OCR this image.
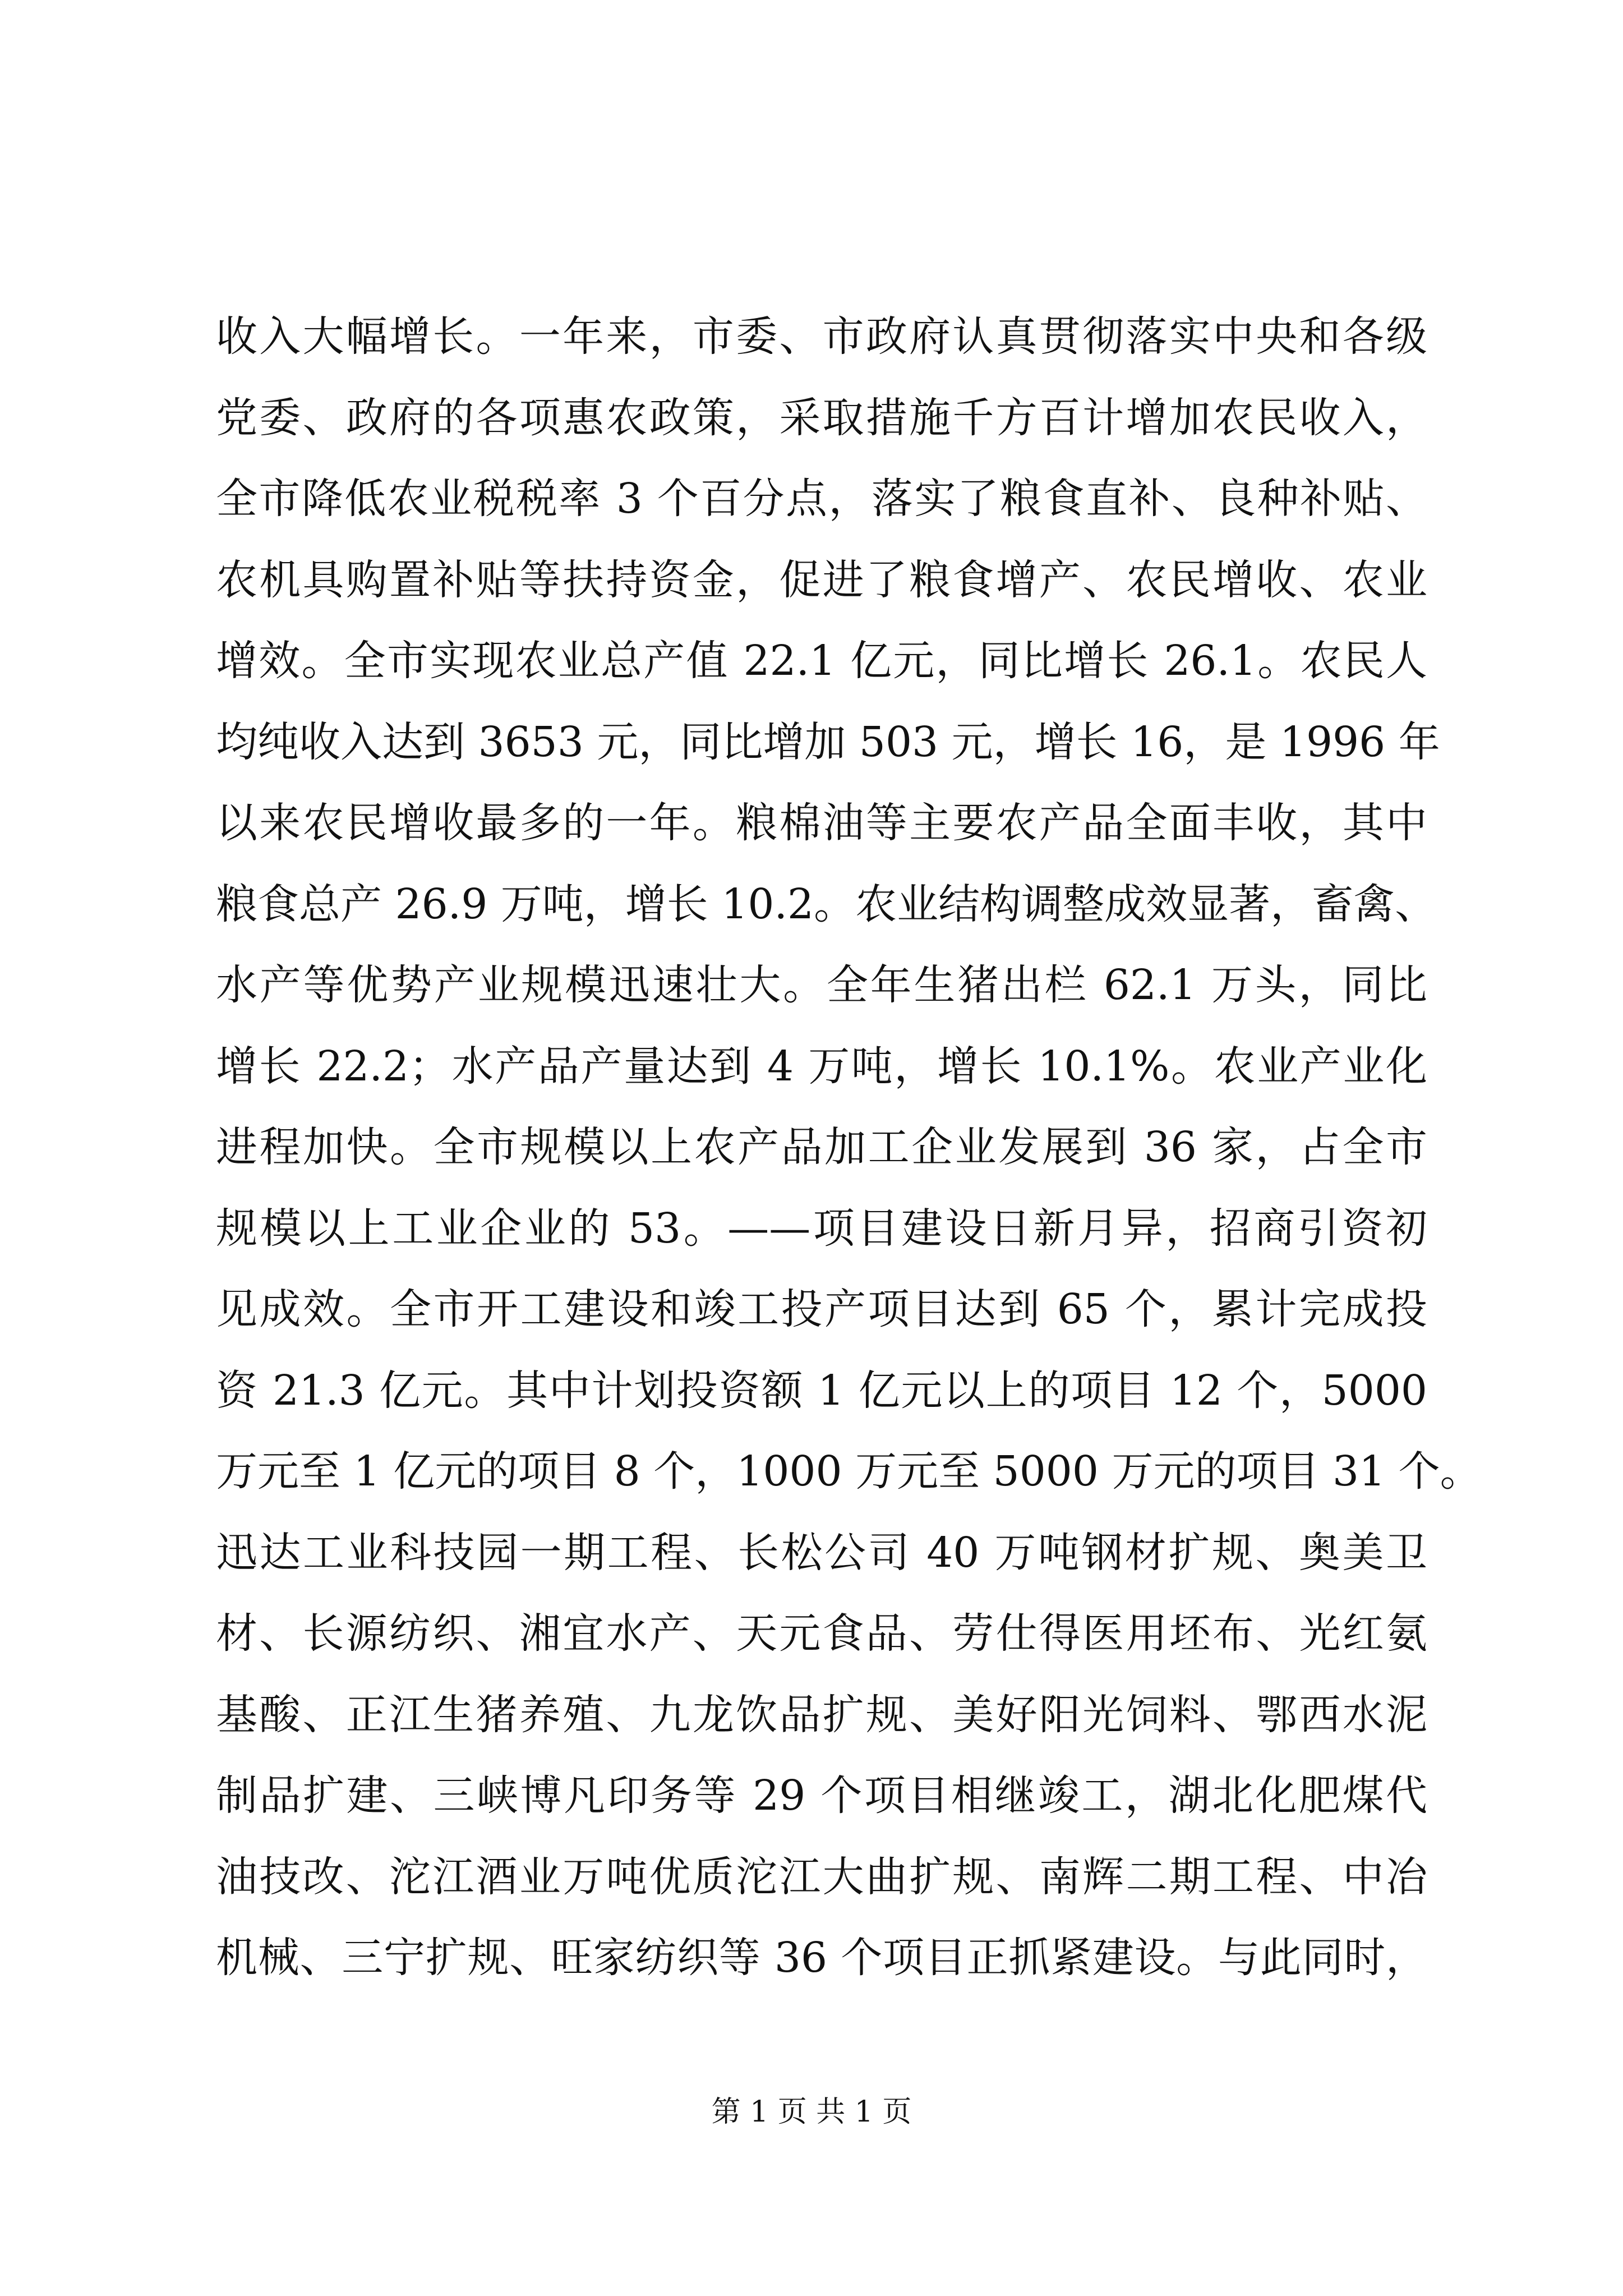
收入大幅增长。一年来，市委、市政府认真贯彻落实中央和各级
党委、政府的各项惠农政策，采取措施千方百计增加农民收入，
全市降低农业税税率 3 个百分点，落实了粮食直补、良种补贴、
农机具购置补贴等扶持资金，促进了粮食增产、农民增收、农业
增效。全市实现农业总产值 22.1 亿元，同比增长 26.1。农民人
均纯收入达到 3653 元，同比增加 503 元，增长 16，是 1996 年
以来农民增收最多的一年。粮棉油等主要农产品全面丰收，其中
粮食总产 26.9 万吨，增长 10.2。农业结构调整成效显著，畜禽、
水产等优势产业规模迅速壮大。全年生猪出栏 62.1 万头，同比
增长 22.2；水产品产量达到 4 万吨，增长 10.1%。农业产业化
进程加快。全市规模以上农产品加工企业发展到 36 家，占全市
规模以上工业企业的 53。——项目建设日新月异，招商引资初
见成效。全市开工建设和竣工投产项目达到 65 个，累计完成投
资 21.3 亿元。其中计划投资额 1 亿元以上的项目 12 个，5000
万元至 1 亿元的项目 8 个，1000 万元至 5000 万元的项目 31 个。
迅达工业科技园一期工程、长松公司 40 万吨钢材扩规、奥美卫
材、长源纺织、湘宜水产、天元食品、劳仕得医用坯布、光红氨
基酸、正江生猪养殖、九龙饮品扩规、美好阳光饲料、鄂西水泥
制品扩建、三峡博凡印务等 29 个项目相继竣工，湖北化肥煤代
油技改、沱江酒业万吨优质沱江大曲扩规、南辉二期工程、中冶
机械、三宁扩规、旺家纺织等 36 个项目正抓紧建设。与此同时，
第 1 页 共 1 页
